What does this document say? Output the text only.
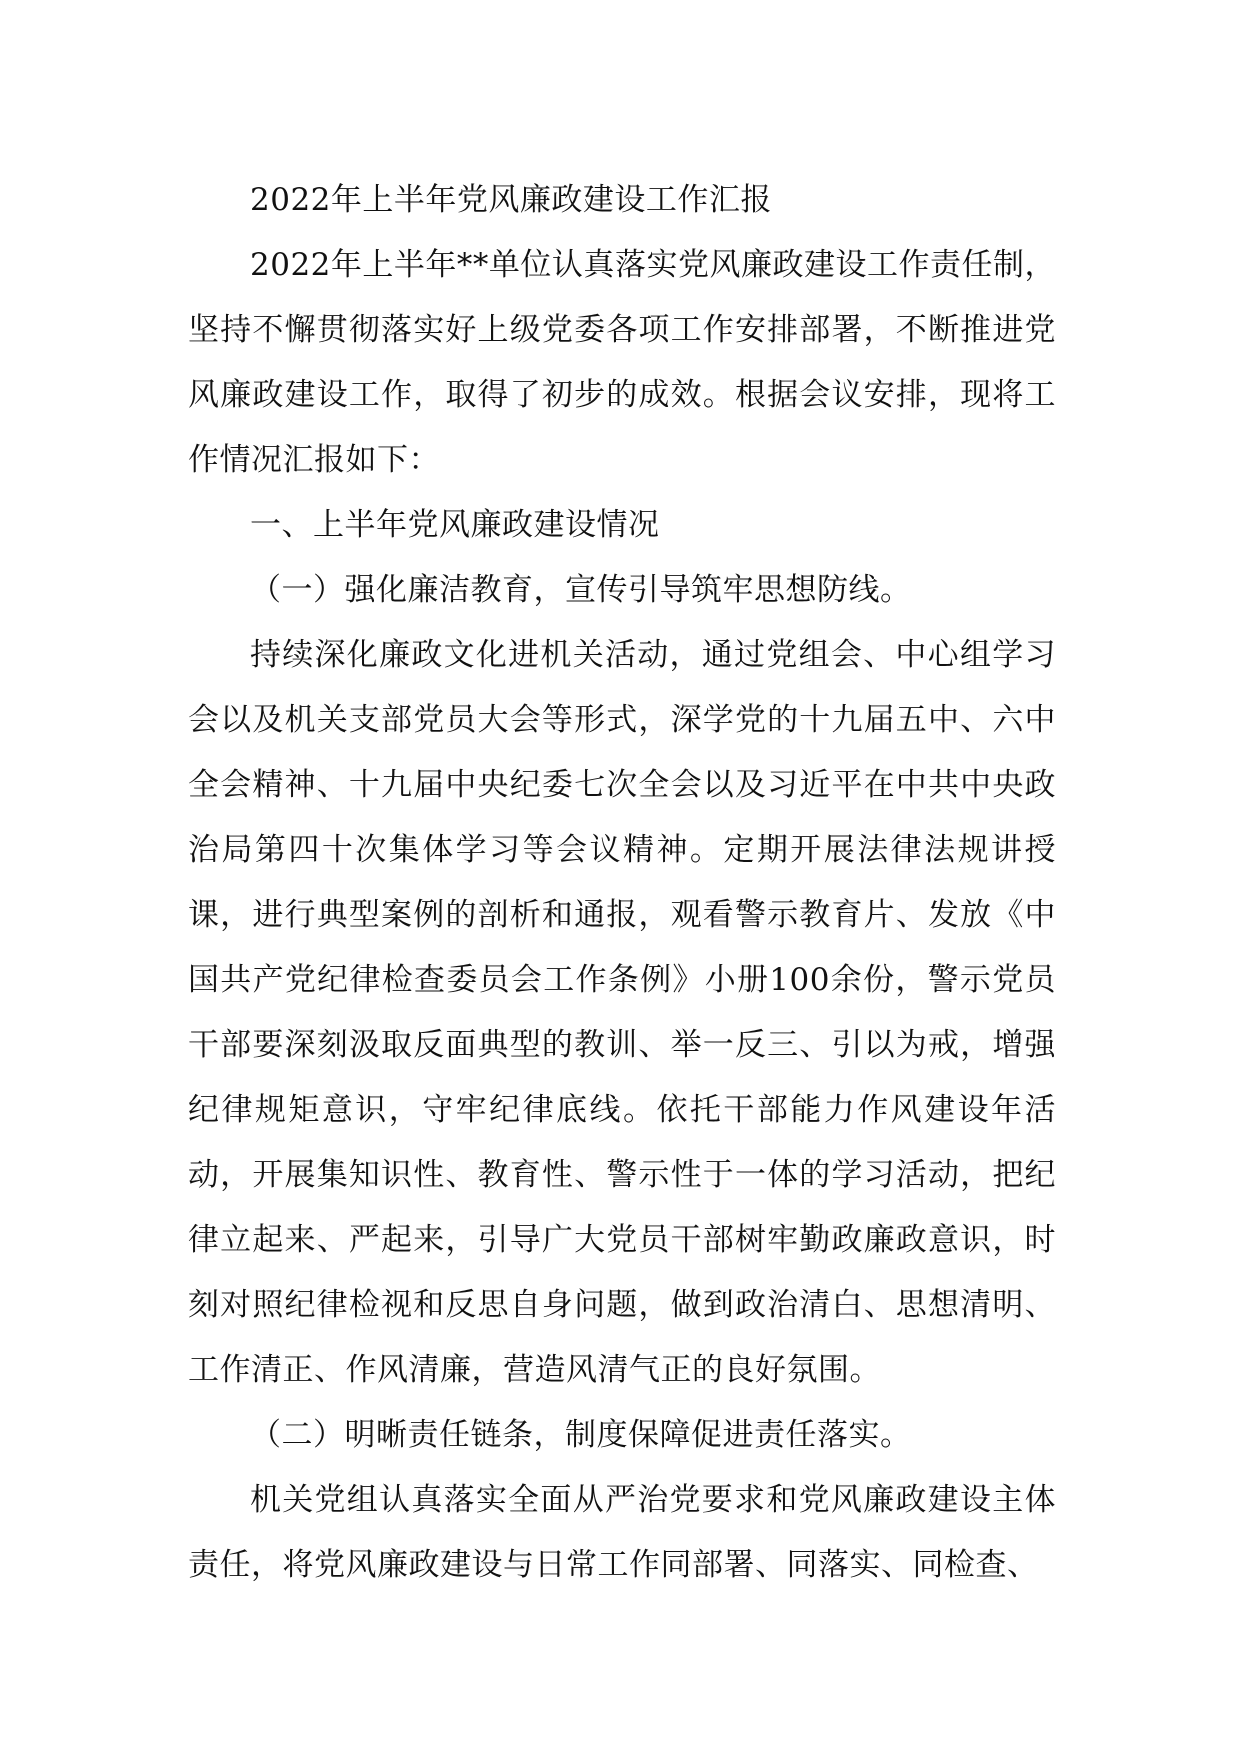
2022年上半年党风廉政建设工作汇报

2022年上半年**单位认真落实党风廉政建设工作责任制，坚持不懈贯彻落实好上级党委各项工作安排部署，不断推进党风廉政建设工作，取得了初步的成效。根据会议安排，现将工作情况汇报如下：

一、上半年党风廉政建设情况

（一）强化廉洁教育，宣传引导筑牢思想防线。

持续深化廉政文化进机关活动，通过党组会、中心组学习会以及机关支部党员大会等形式，深学党的十九届五中、六中全会精神、十九届中央纪委七次全会以及习近平在中共中央政治局第四十次集体学习等会议精神。定期开展法律法规讲授课，进行典型案例的剖析和通报，观看警示教育片、发放《中国共产党纪律检查委员会工作条例》小册100余份，警示党员干部要深刻汲取反面典型的教训、举一反三、引以为戒，增强纪律规矩意识，守牢纪律底线。依托干部能力作风建设年活动，开展集知识性、教育性、警示性于一体的学习活动，把纪律立起来、严起来，引导广大党员干部树牢勤政廉政意识，时刻对照纪律检视和反思自身问题，做到政治清白、思想清明、工作清正、作风清廉，营造风清气正的良好氛围。

（二）明晰责任链条，制度保障促进责任落实。

机关党组认真落实全面从严治党要求和党风廉政建设主体责任，将党风廉政建设与日常工作同部署、同落实、同检查、
